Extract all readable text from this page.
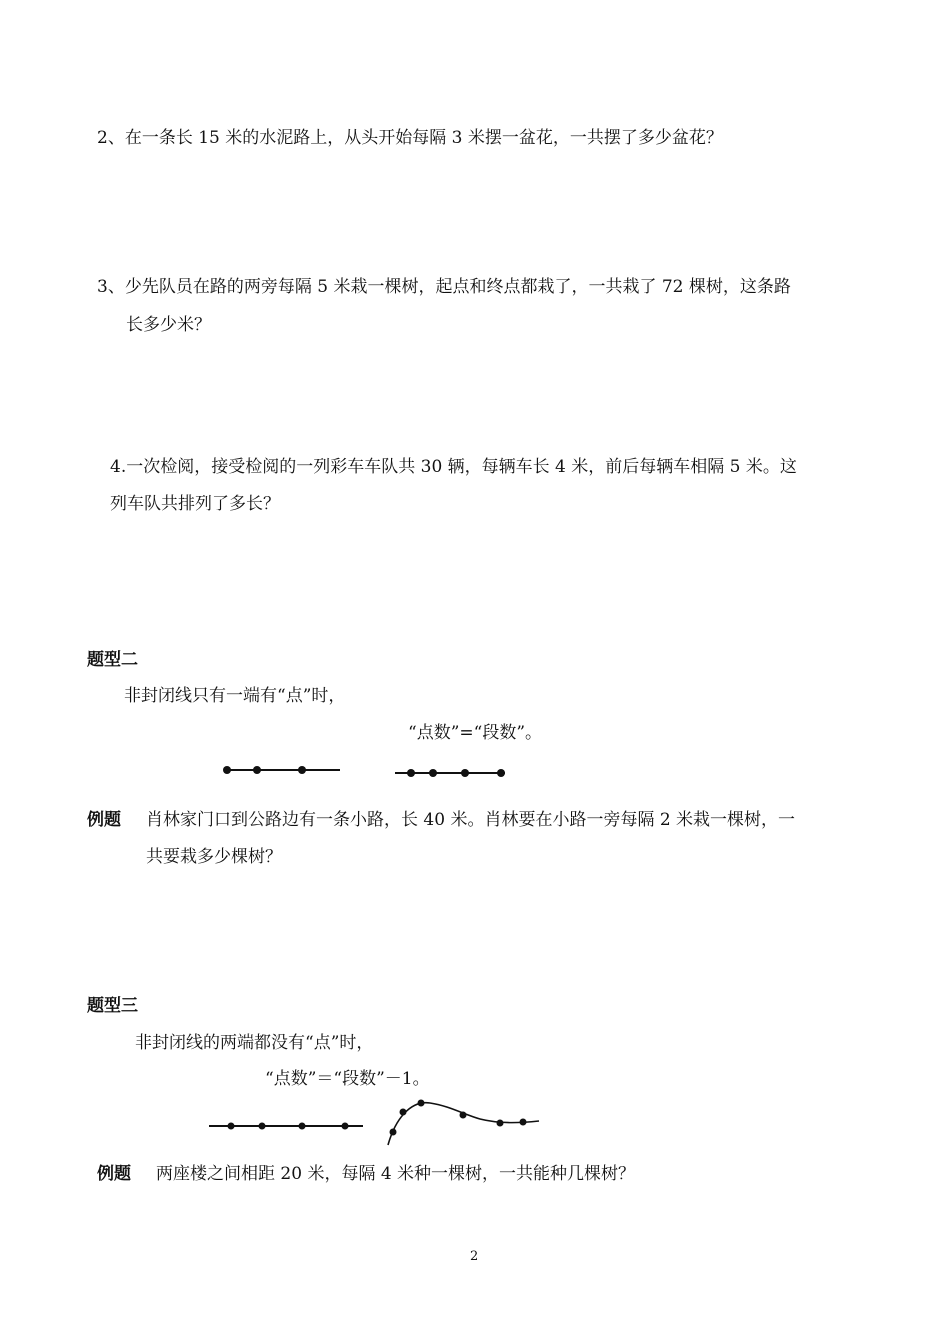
2、在一条长 15 米的水泥路上，从头开始每隔 3 米摆一盆花，一共摆了多少盆花？
3、少先队员在路的两旁每隔 5 米栽一棵树，起点和终点都栽了，一共栽了 72 棵树，这条路
长多少米？
4.一次检阅，接受检阅的一列彩车车队共 30 辆，每辆车长 4 米，前后每辆车相隔 5 米。这
列车队共排列了多长？
题型二
非封闭线只有一端有“点”时，
“点数”=“段数”。
例题 肖林家门口到公路边有一条小路，长 40 米。肖林要在小路一旁每隔 2 米栽一棵树，一
共要栽多少棵树？
题型三
非封闭线的两端都没有“点”时，
“点数”＝“段数”－1。
例题 两座楼之间相距 20 米，每隔 4 米种一棵树，一共能种几棵树？
2
